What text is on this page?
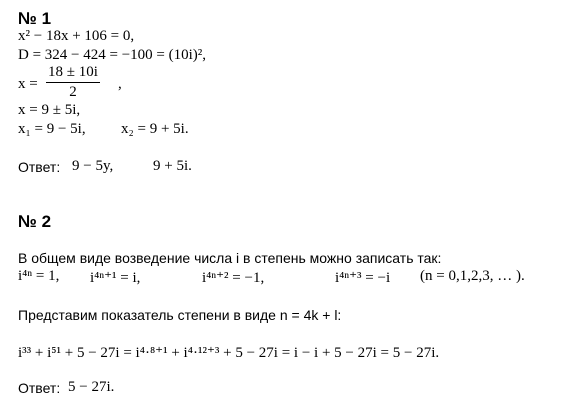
№ 1
x² − 18x + 106 = 0,
D = 324 − 424 = −100 = (10i)²,
$x = \frac{18 \pm 10i}{2}$ ,
x = 9 ± 5i,
x₁ = 9 − 5i, x₂ = 9 + 5i.
Ответ: 9 − 5y,	9 + 5i.
№ 2
В общем виде возведение числа i в степень можно записать так:
i⁴ⁿ = 1, i⁴ⁿ⁺¹ = i,	i⁴ⁿ⁺² = −1,	i⁴ⁿ⁺³ = −i (n = 0,1,2,3, … ).
Представим показатель степени в виде n = 4k + l:
i³³ + i⁵¹ + 5 − 27i = i⁴·⁸⁺¹ + i⁴·¹²⁺³ + 5 − 27i = i − i + 5 − 27i = 5 − 27i.
Ответ: 5 − 27i.
